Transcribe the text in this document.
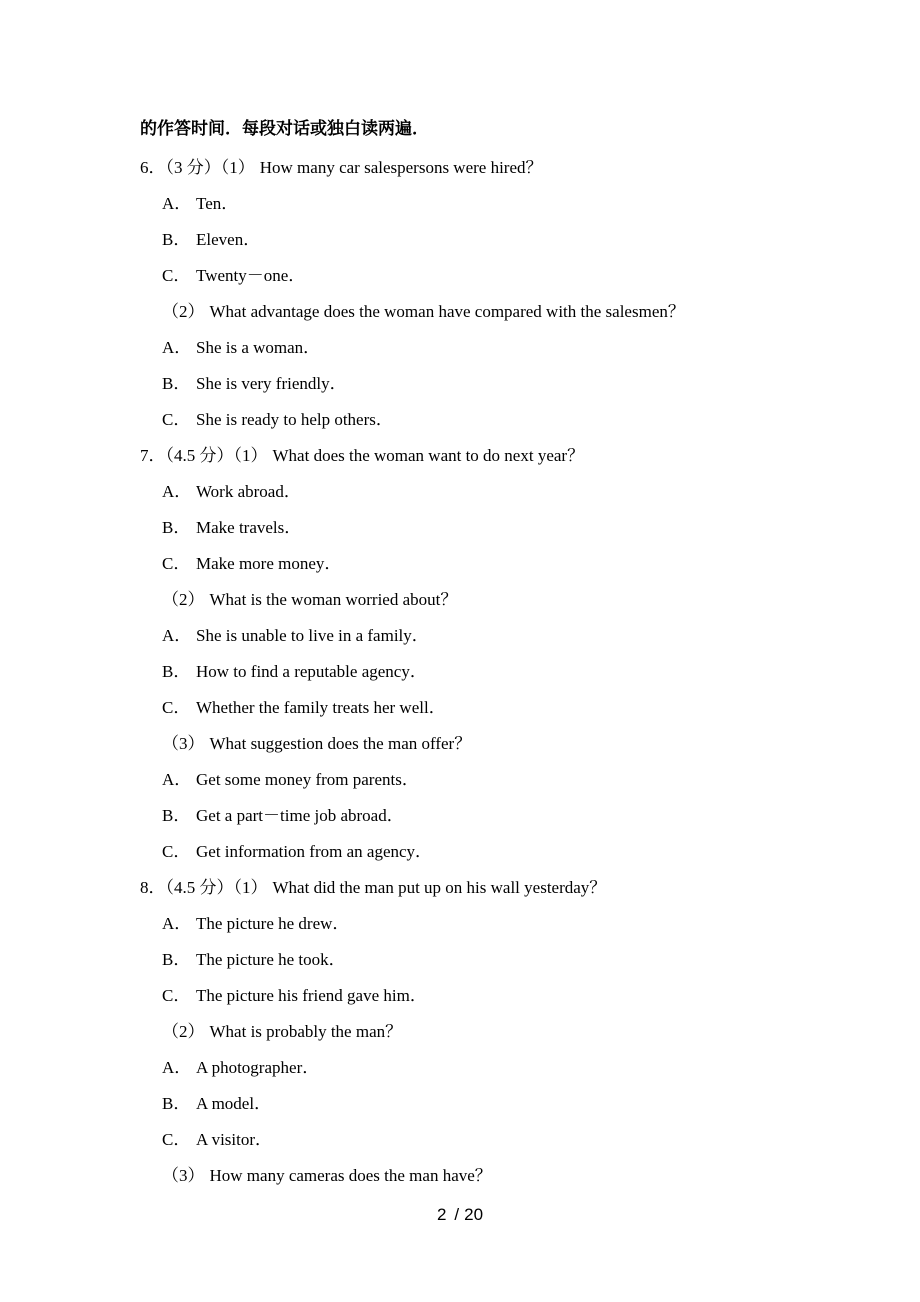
的作答时间．每段对话或独白读两遍．
6．（3 分）（1） How many car salespersons were hired？
A． Ten．
B． Eleven．
C． Twenty－one．
（2） What advantage does the woman have compared with the salesmen？
A． She is a woman．
B． She is very friendly．
C． She is ready to help others．
7．（4.5 分）（1） What does the woman want to do next year？
A． Work abroad．
B． Make travels．
C． Make more money．
（2） What is the woman worried about？
A． She is unable to live in a family．
B． How to find a reputable agency．
C． Whether the family treats her well．
（3） What suggestion does the man offer？
A． Get some money from parents．
B． Get a part－time job abroad．
C． Get information from an agency．
8．（4.5 分）（1） What did the man put up on his wall yesterday？
A． The picture he drew．
B． The picture he took．
C． The picture his friend gave him．
（2） What is probably the man？
A． A photographer．
B． A model．
C． A visitor．
（3） How many cameras does the man have？
2 / 20
